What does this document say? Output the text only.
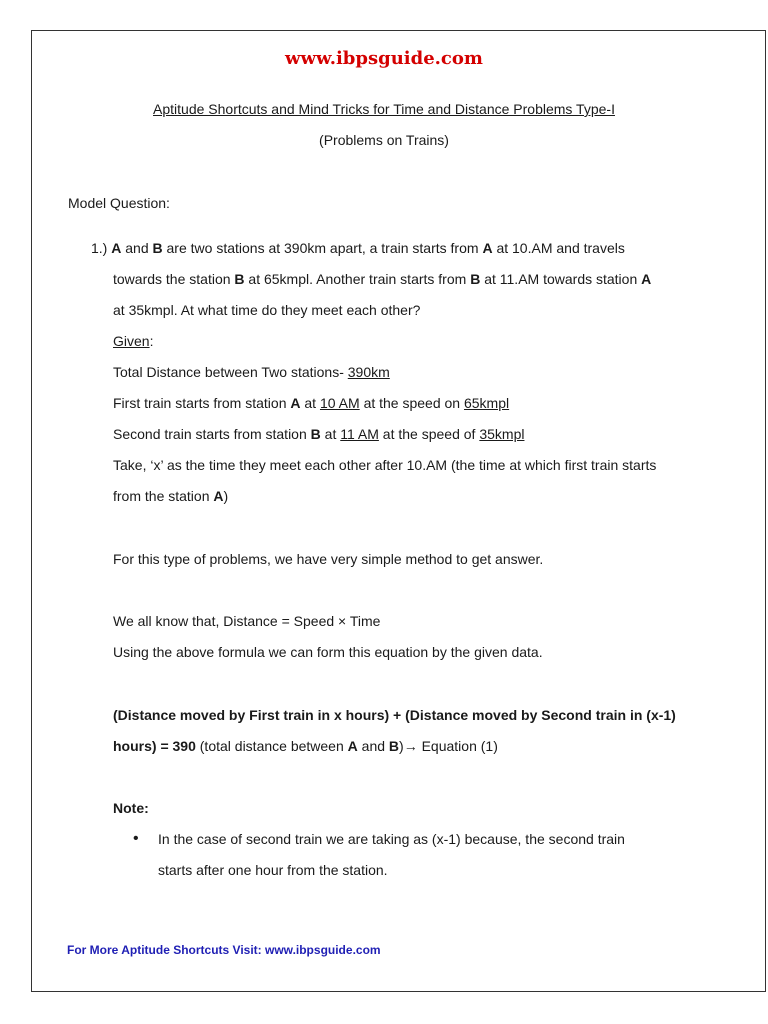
www.ibpsguide.com
Aptitude Shortcuts and Mind Tricks for Time and Distance Problems Type-I
(Problems on Trains)
Model Question:
1.) A and B are two stations at 390km apart, a train starts from A at 10.AM and travels
towards the station B at 65kmpl. Another train starts from B at 11.AM towards station A
at 35kmpl. At what time do they meet each other?
Given:
Total Distance between Two stations- 390km
First train starts from station A at 10 AM at the speed on 65kmpl
Second train starts from station B at 11 AM at the speed of 35kmpl
Take, ‘x’ as the time they meet each other after 10.AM (the time at which first train starts
from the station A)
For this type of problems, we have very simple method to get answer.
We all know that, Distance = Speed × Time
Using the above formula we can form this equation by the given data.
(Distance moved by First train in x hours) + (Distance moved by Second train in (x-1)
hours) = 390 (total distance between A and B)→ Equation (1)
Note:
• In the case of second train we are taking as (x-1) because, the second train
starts after one hour from the station.
For More Aptitude Shortcuts Visit: www.ibpsguide.com
